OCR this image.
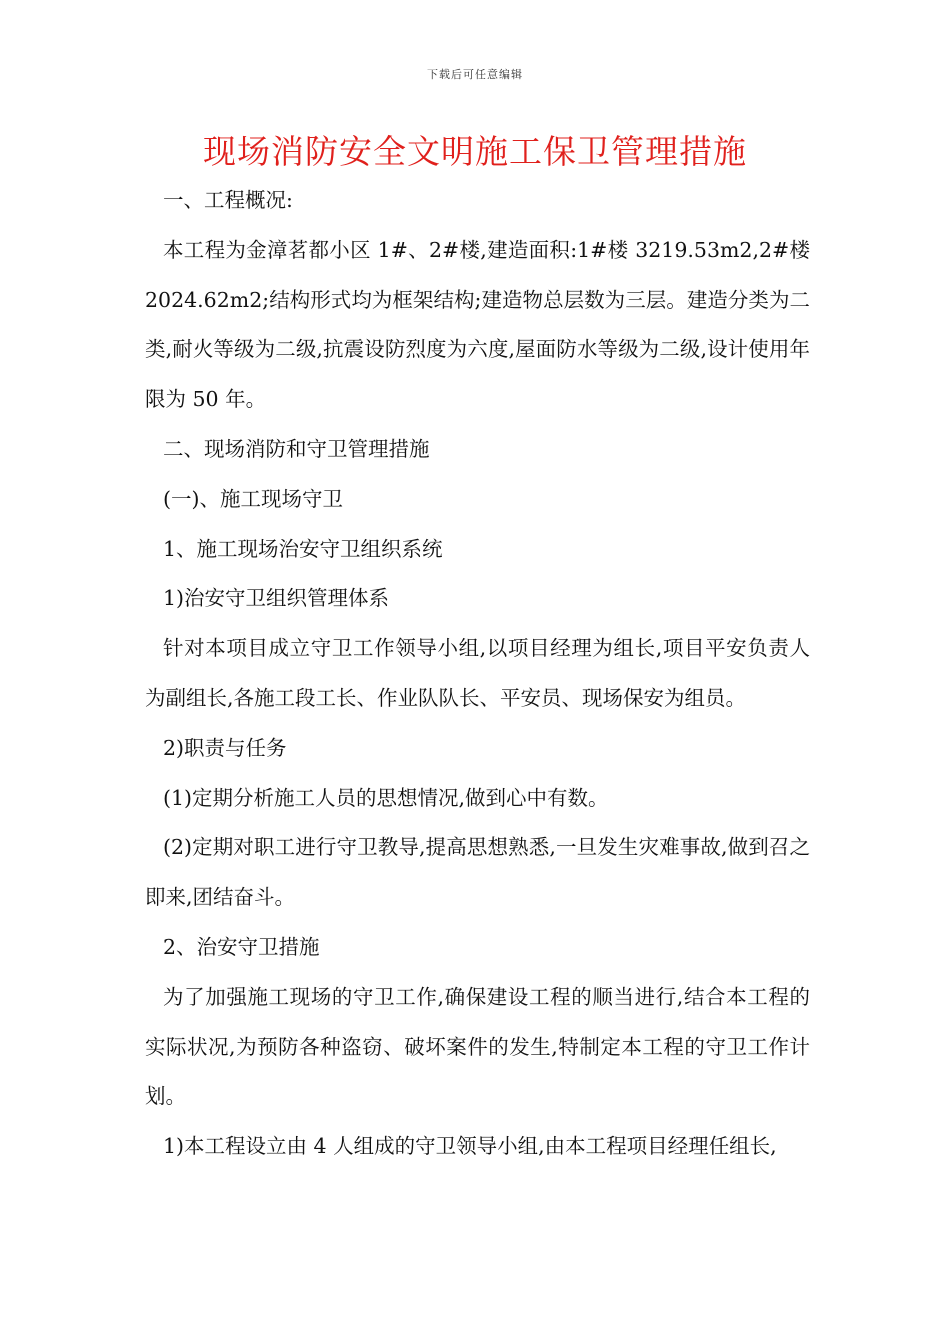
下载后可任意编辑
现场消防安全文明施工保卫管理措施

一、工程概况:

本工程为金漳茗都小区 1#、2#楼,建造面积:1#楼 3219.53m2,2#楼 2024.62m2;结构形式均为框架结构;建造物总层数为三层。建造分类为二类,耐火等级为二级,抗震设防烈度为六度,屋面防水等级为二级,设计使用年限为 50 年。

二、现场消防和守卫管理措施

(一)、施工现场守卫

1、施工现场治安守卫组织系统

1)治安守卫组织管理体系

针对本项目成立守卫工作领导小组,以项目经理为组长,项目平安负责人为副组长,各施工段工长、作业队队长、平安员、现场保安为组员。

2)职责与任务

(1)定期分析施工人员的思想情况,做到心中有数。

(2)定期对职工进行守卫教导,提高思想熟悉,一旦发生灾难事故,做到召之即来,团结奋斗。

2、治安守卫措施

为了加强施工现场的守卫工作,确保建设工程的顺当进行,结合本工程的实际状况,为预防各种盗窃、破坏案件的发生,特制定本工程的守卫工作计划。

1)本工程设立由 4 人组成的守卫领导小组,由本工程项目经理任组长,
